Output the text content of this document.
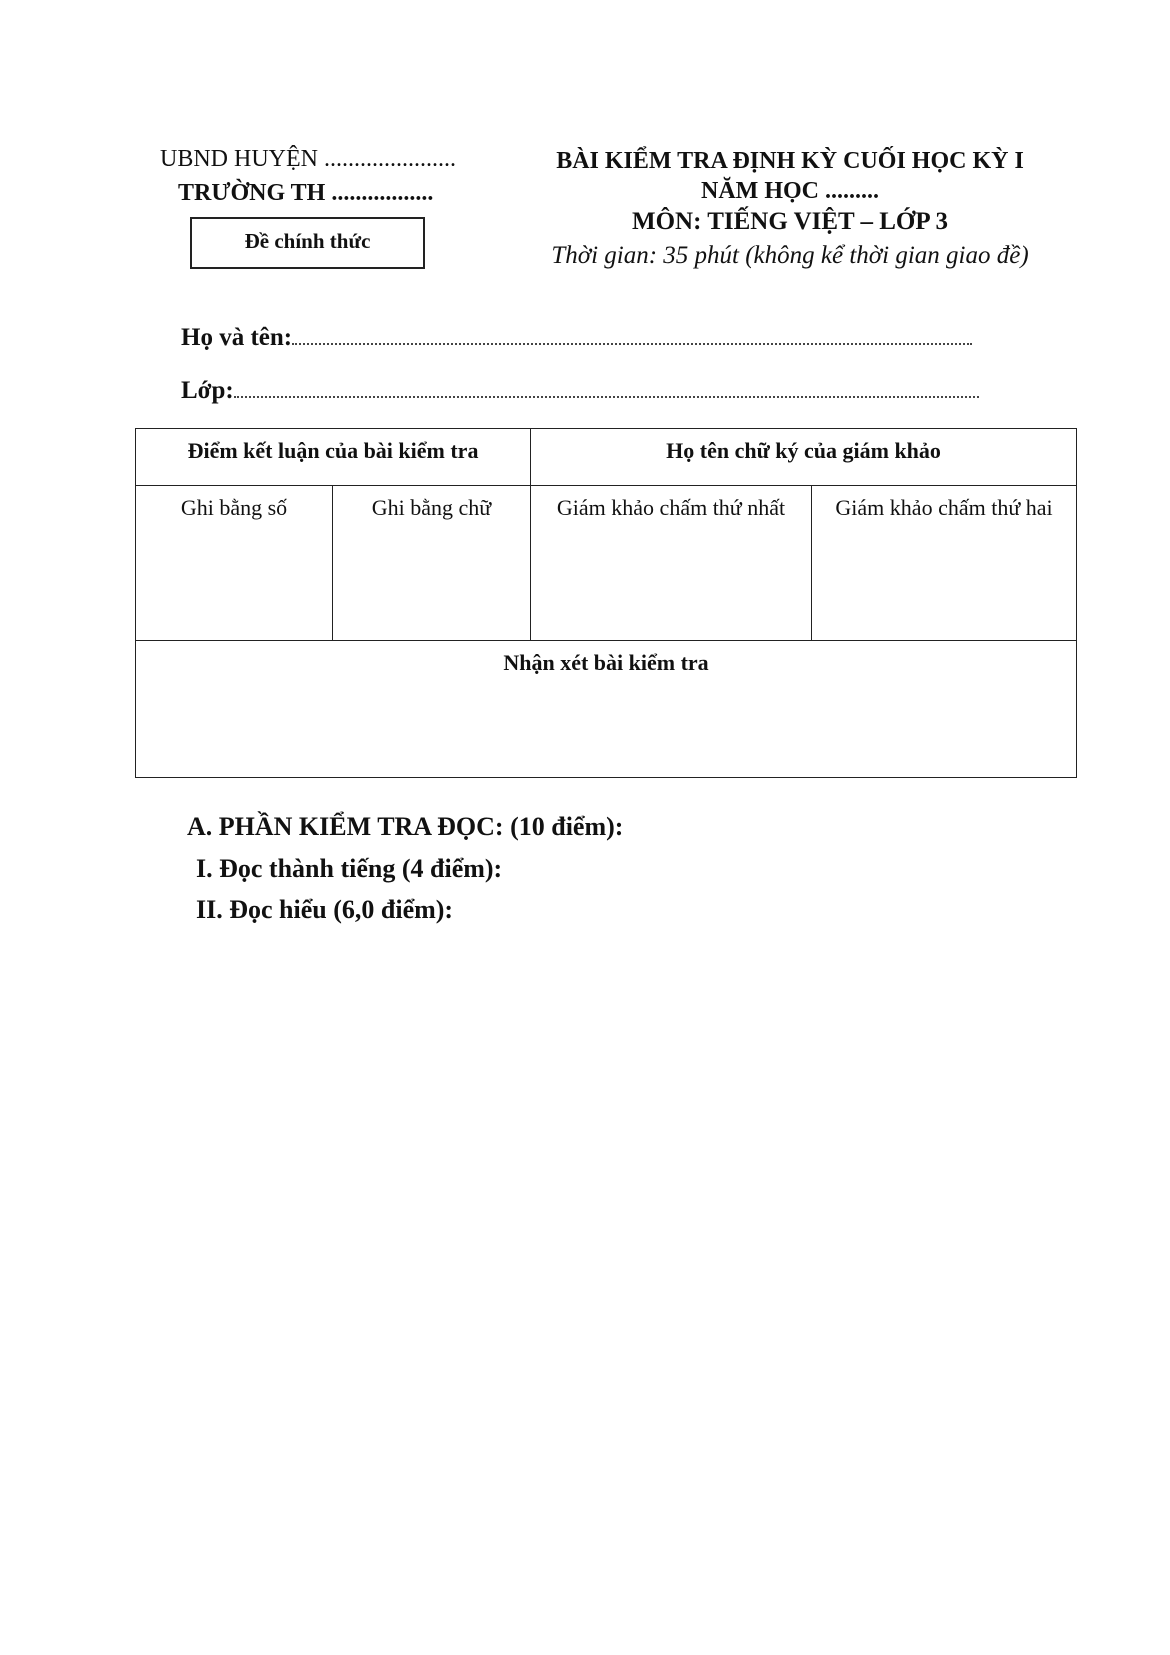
UBND HUYỆN ......................
TRƯỜNG TH .................
Đề chính thức
BÀI KIỂM TRA ĐỊNH KỲ CUỐI HỌC KỲ I
NĂM HỌC .........
MÔN: TIẾNG VIỆT – LỚP 3
Thời gian: 35 phút (không kể thời gian giao đề)
Họ và tên:
Lớp:
Điểm kết luận của bài kiểm tra		Họ tên chữ ký của giám khảo	
Ghi bằng số	Ghi bằng chữ	Giám khảo chấm thứ nhất	Giám khảo chấm thứ hai
Nhận xét bài kiểm tra			
A. PHẦN KIỂM TRA ĐỌC: (10 điểm):
I. Đọc thành tiếng (4 điểm):
II. Đọc hiểu (6,0 điểm):
